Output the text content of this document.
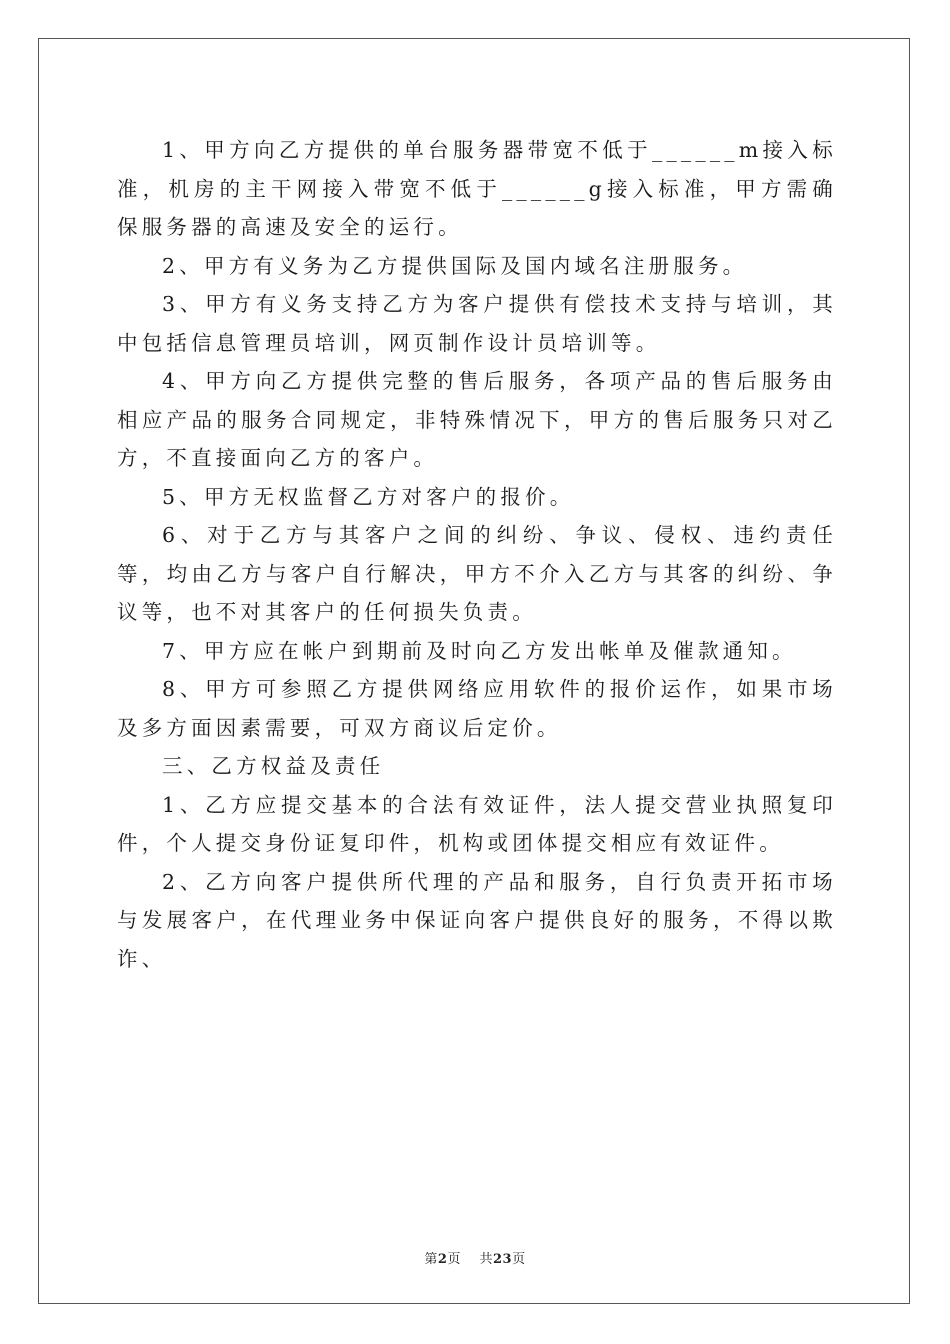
1、甲方向乙方提供的单台服务器带宽不低于______m接入标准，机房的主干网接入带宽不低于______g接入标准，甲方需确保服务器的高速及安全的运行。

2、甲方有义务为乙方提供国际及国内域名注册服务。

3、甲方有义务支持乙方为客户提供有偿技术支持与培训，其中包括信息管理员培训，网页制作设计员培训等。

4、甲方向乙方提供完整的售后服务，各项产品的售后服务由相应产品的服务合同规定，非特殊情况下，甲方的售后服务只对乙方，不直接面向乙方的客户。

5、甲方无权监督乙方对客户的报价。

6、对于乙方与其客户之间的纠纷、争议、侵权、违约责任等，均由乙方与客户自行解决，甲方不介入乙方与其客的纠纷、争议等，也不对其客户的任何损失负责。

7、甲方应在帐户到期前及时向乙方发出帐单及催款通知。

8、甲方可参照乙方提供网络应用软件的报价运作，如果市场及多方面因素需要，可双方商议后定价。

三、乙方权益及责任

1、乙方应提交基本的合法有效证件，法人提交营业执照复印件，个人提交身份证复印件，机构或团体提交相应有效证件。

2、乙方向客户提供所代理的产品和服务，自行负责开拓市场与发展客户，在代理业务中保证向客户提供良好的服务，不得以欺诈、

第2页 共23页
